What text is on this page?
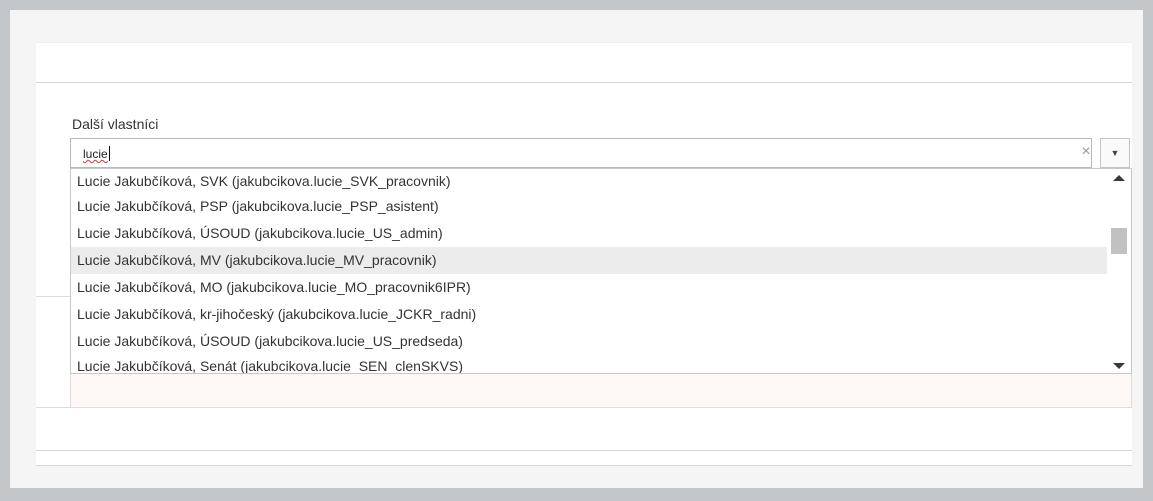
Další vlastníci
lucie	×	▼
Lucie Jakubčíková, SVK (jakubcikova.lucie_SVK_pracovnik)
Lucie Jakubčíková, PSP (jakubcikova.lucie_PSP_asistent)
Lucie Jakubčíková, ÚSOUD (jakubcikova.lucie_US_admin)
Lucie Jakubčíková, MV (jakubcikova.lucie_MV_pracovnik)
Lucie Jakubčíková, MO (jakubcikova.lucie_MO_pracovnik6IPR)
Lucie Jakubčíková, kr-jihočeský (jakubcikova.lucie_JCKR_radni)
Lucie Jakubčíková, ÚSOUD (jakubcikova.lucie_US_predseda)
Lucie Jakubčíková, Senát (jakubcikova.lucie_SEN_clenSKVS)
